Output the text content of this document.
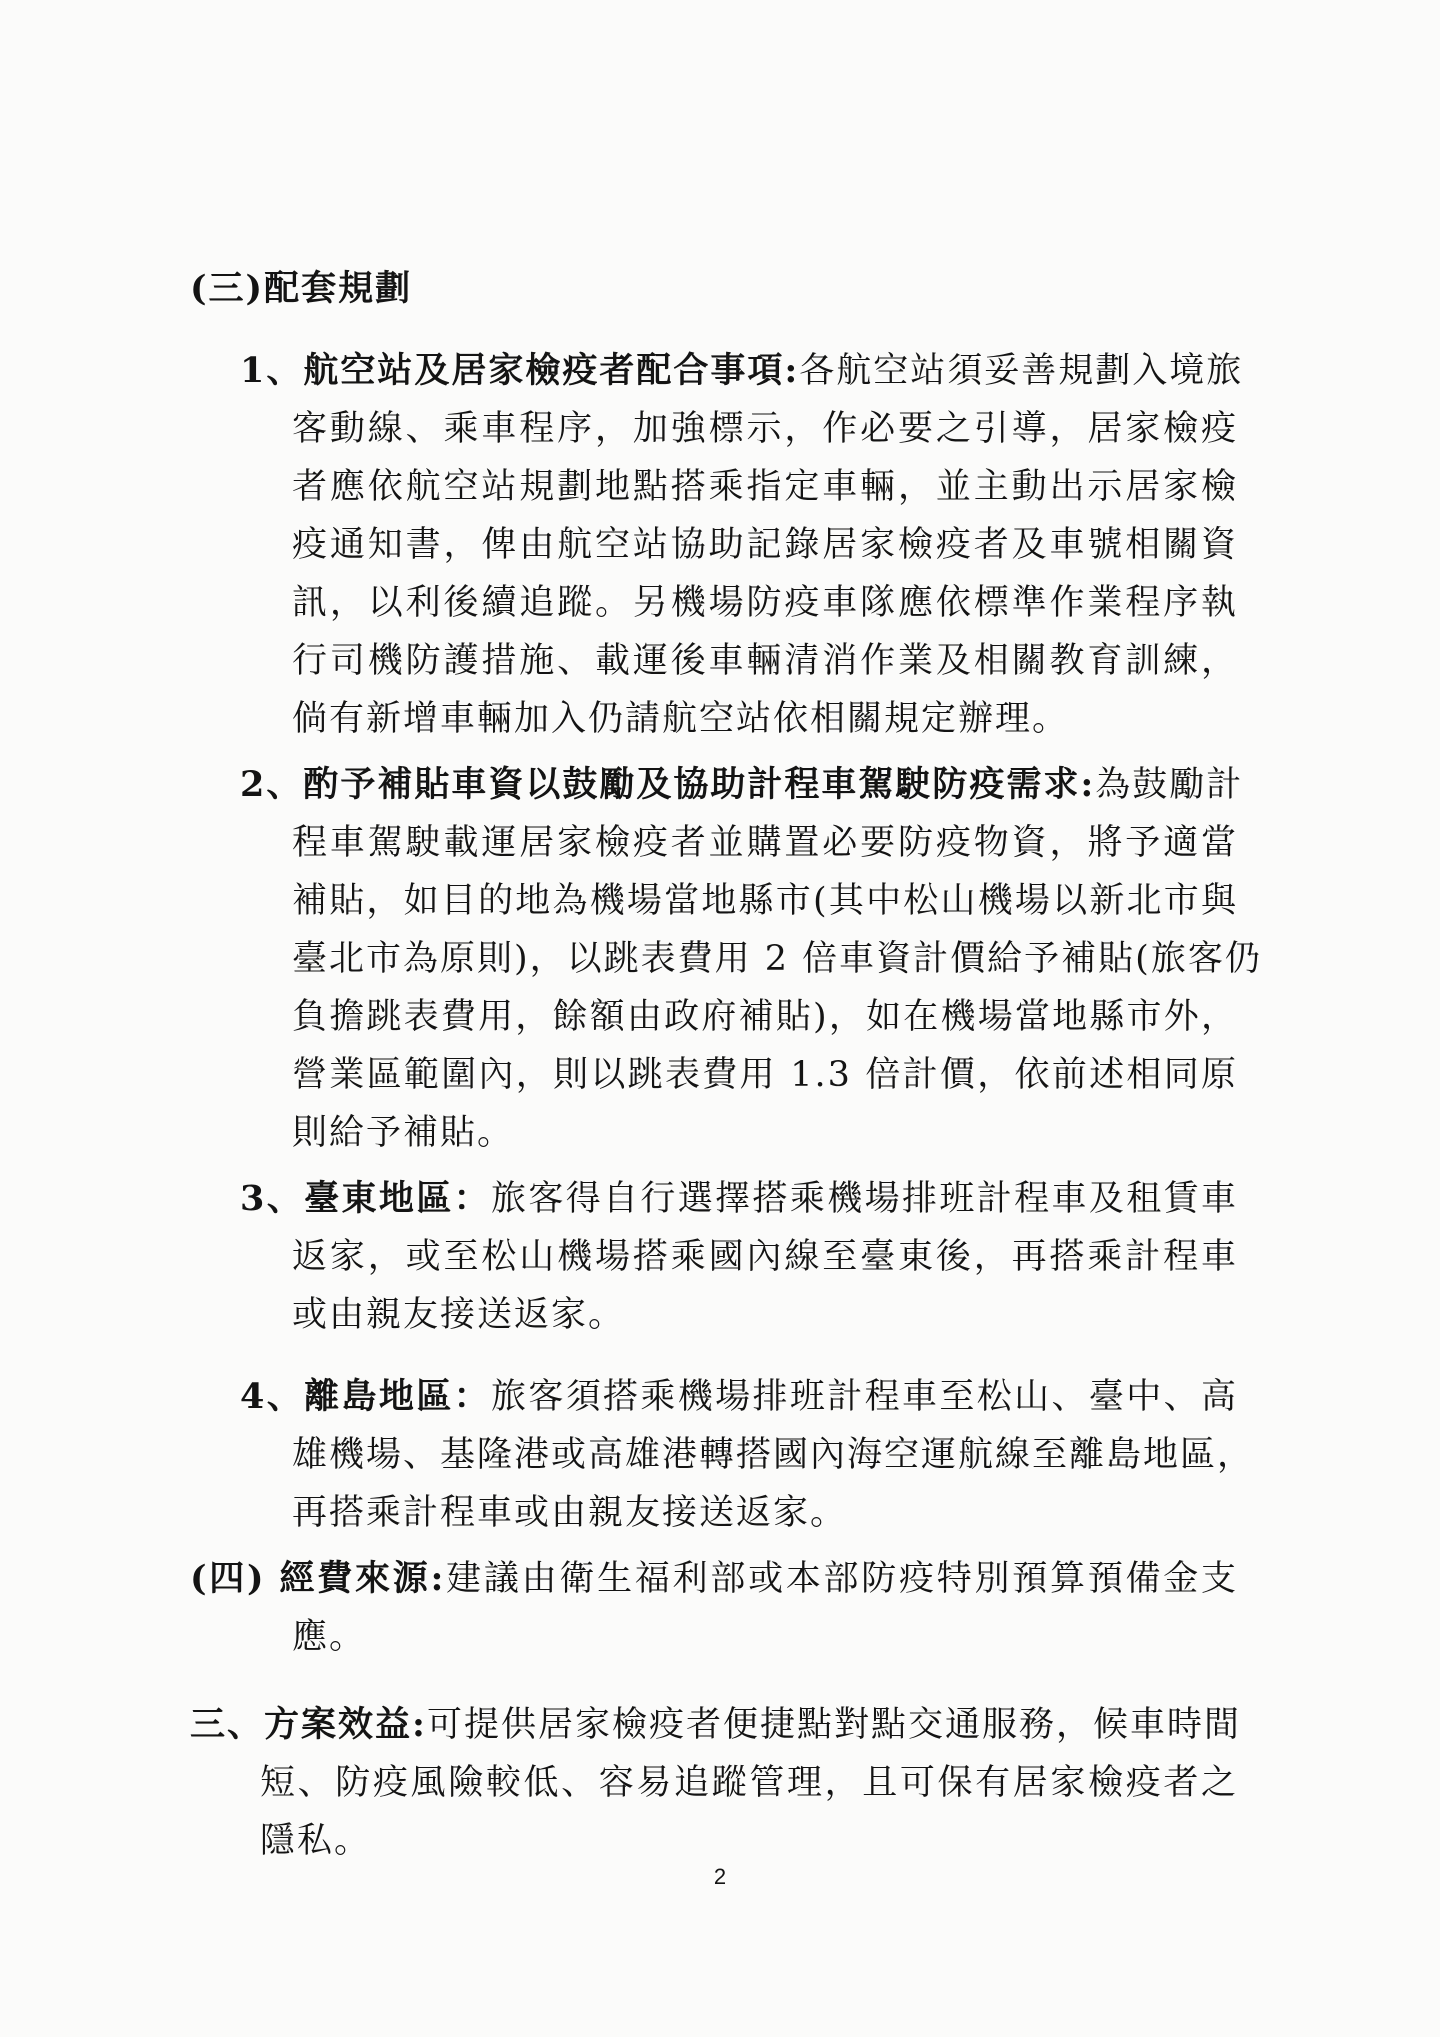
(三)配套規劃
1、航空站及居家檢疫者配合事項:各航空站須妥善規劃入境旅
客動線、乘車程序，加強標示，作必要之引導，居家檢疫
者應依航空站規劃地點搭乘指定車輛，並主動出示居家檢
疫通知書，俾由航空站協助記錄居家檢疫者及車號相關資
訊，以利後續追蹤。另機場防疫車隊應依標準作業程序執
行司機防護措施、載運後車輛清消作業及相關教育訓練，
倘有新增車輛加入仍請航空站依相關規定辦理。
2、酌予補貼車資以鼓勵及協助計程車駕駛防疫需求:為鼓勵計
程車駕駛載運居家檢疫者並購置必要防疫物資，將予適當
補貼，如目的地為機場當地縣市(其中松山機場以新北市與
臺北市為原則)，以跳表費用 2 倍車資計價給予補貼(旅客仍
負擔跳表費用，餘額由政府補貼)，如在機場當地縣市外，
營業區範圍內，則以跳表費用 1.3 倍計價，依前述相同原
則給予補貼。
3、臺東地區：旅客得自行選擇搭乘機場排班計程車及租賃車
返家，或至松山機場搭乘國內線至臺東後，再搭乘計程車
或由親友接送返家。
4、離島地區：旅客須搭乘機場排班計程車至松山、臺中、高
雄機場、基隆港或高雄港轉搭國內海空運航線至離島地區，
再搭乘計程車或由親友接送返家。
(四) 經費來源:建議由衛生福利部或本部防疫特別預算預備金支
應。
三、方案效益:可提供居家檢疫者便捷點對點交通服務，候車時間
短、防疫風險較低、容易追蹤管理，且可保有居家檢疫者之
隱私。
2
